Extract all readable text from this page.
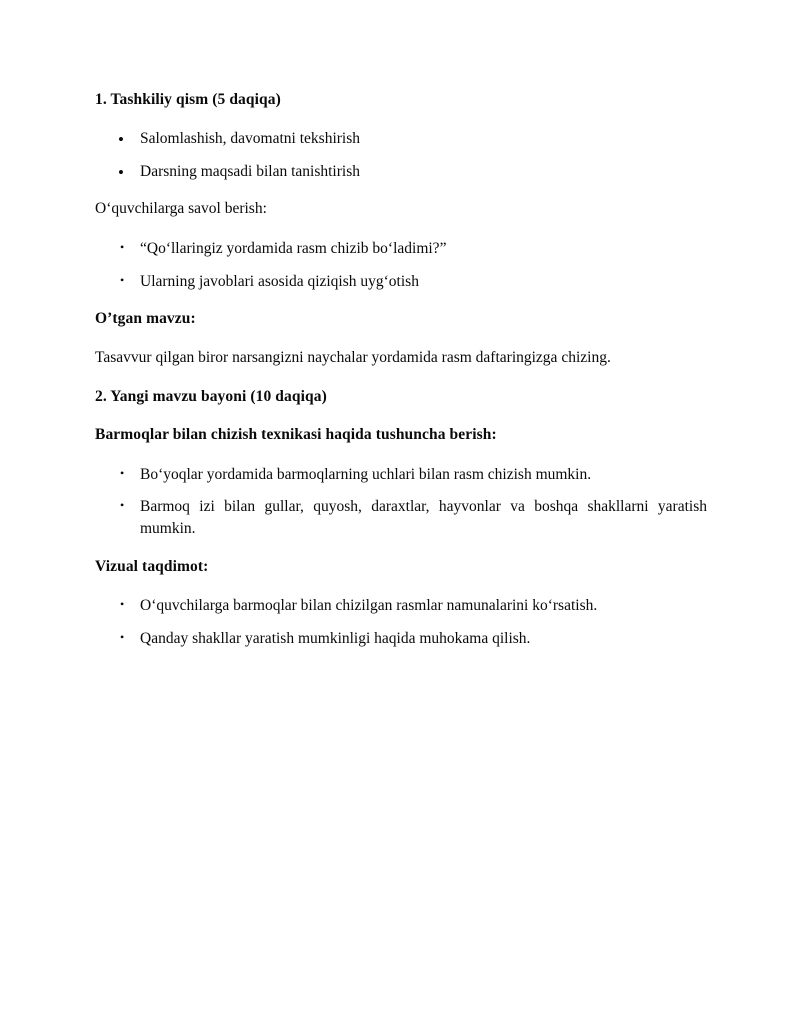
1. Tashkiliy qism (5 daqiqa)

• Salomlashish, davomatni tekshirish
• Darsning maqsadi bilan tanishtirish

O‘quvchilarga savol berish:

• “Qo‘llaringiz yordamida rasm chizib bo‘ladimi?”
• Ularning javoblari asosida qiziqish uyg‘otish

O’tgan mavzu:

Tasavvur qilgan biror narsangizni naychalar yordamida rasm daftaringizga chizing.

2. Yangi mavzu bayoni (10 daqiqa)

Barmoqlar bilan chizish texnikasi haqida tushuncha berish:

• Bo‘yoqlar yordamida barmoqlarning uchlari bilan rasm chizish mumkin.
• Barmoq izi bilan gullar, quyosh, daraxtlar, hayvonlar va boshqa shakllarni yaratish mumkin.

Vizual taqdimot:

• O‘quvchilarga barmoqlar bilan chizilgan rasmlar namunalarini ko‘rsatish.
• Qanday shakllar yaratish mumkinligi haqida muhokama qilish.
